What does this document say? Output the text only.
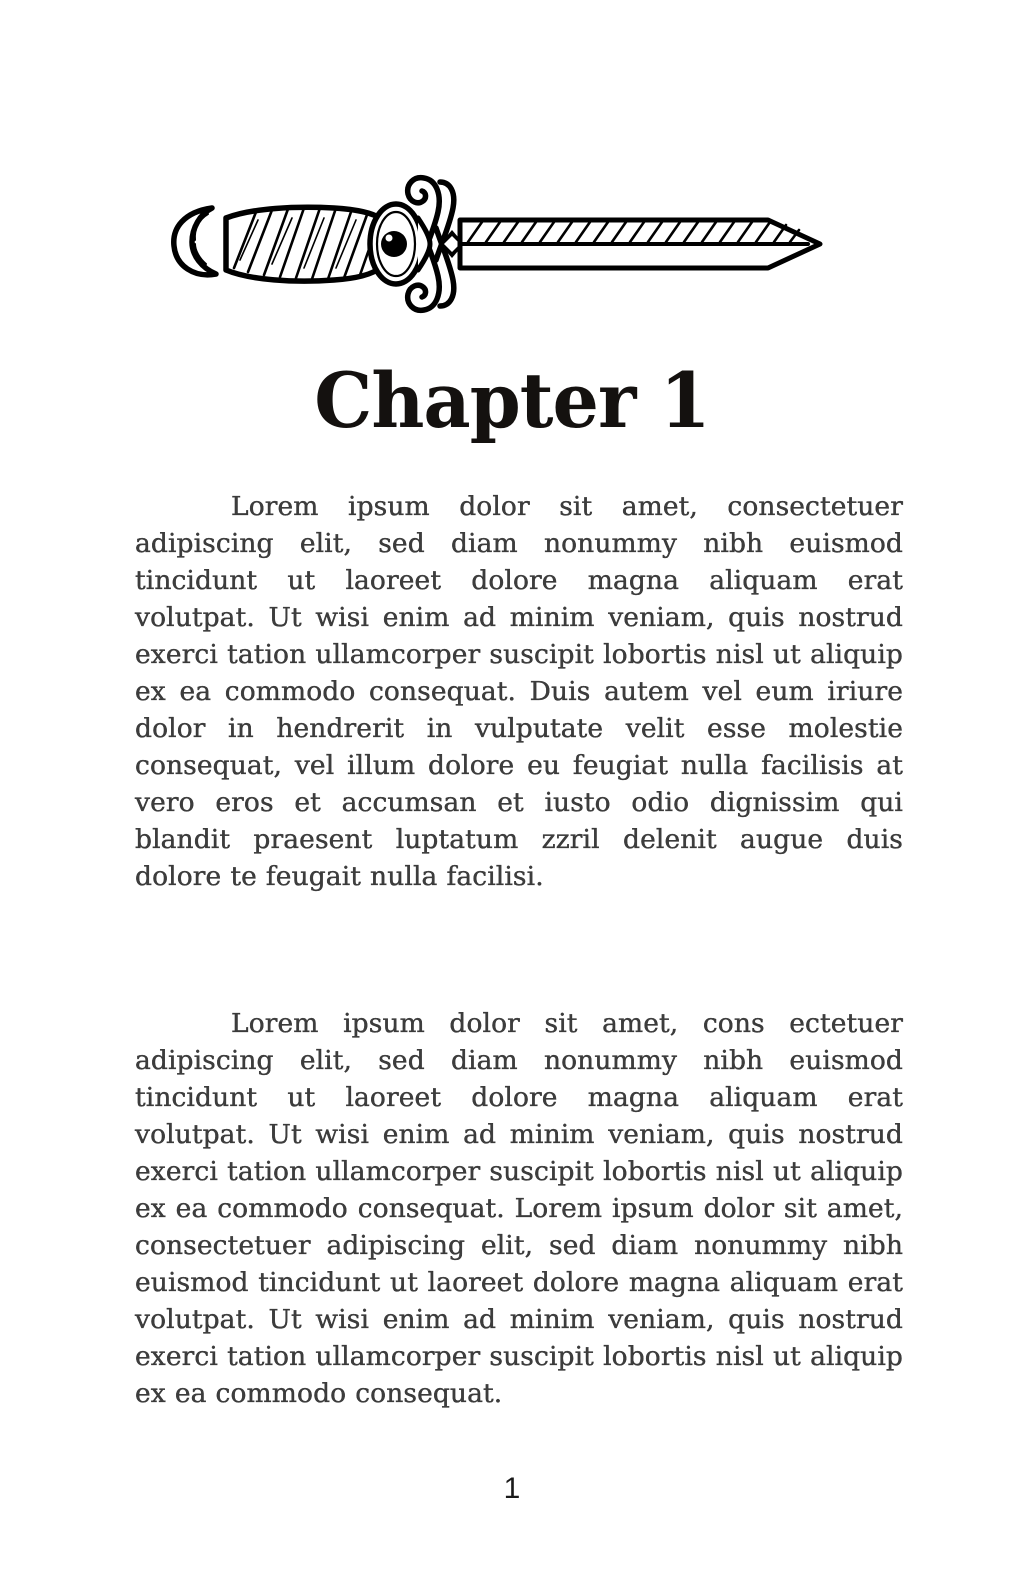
Chapter 1

Lorem ipsum dolor sit amet, consectetuer adipiscing elit, sed diam nonummy nibh euismod tincidunt ut laoreet dolore magna aliquam erat volutpat. Ut wisi enim ad minim veniam, quis nostrud exerci tation ullamcorper suscipit lobortis nisl ut aliquip ex ea commodo consequat. Duis autem vel eum iriure dolor in hendrerit in vulputate velit esse molestie consequat, vel illum dolore eu feugiat nulla facilisis at vero eros et accumsan et iusto odio dignissim qui blandit praesent luptatum zzril delenit augue duis dolore te feugait nulla facilisi.

Lorem ipsum dolor sit amet, cons ectetuer adipiscing elit, sed diam nonummy nibh euismod tincidunt ut laoreet dolore magna aliquam erat volutpat. Ut wisi enim ad minim veniam, quis nostrud exerci tation ullamcorper suscipit lobortis nisl ut aliquip ex ea commodo consequat. Lorem ipsum dolor sit amet, consectetuer adipiscing elit, sed diam nonummy nibh euismod tincidunt ut laoreet dolore magna aliquam erat volutpat. Ut wisi enim ad minim veniam, quis nostrud exerci tation ullamcorper suscipit lobortis nisl ut aliquip ex ea commodo consequat.

1
